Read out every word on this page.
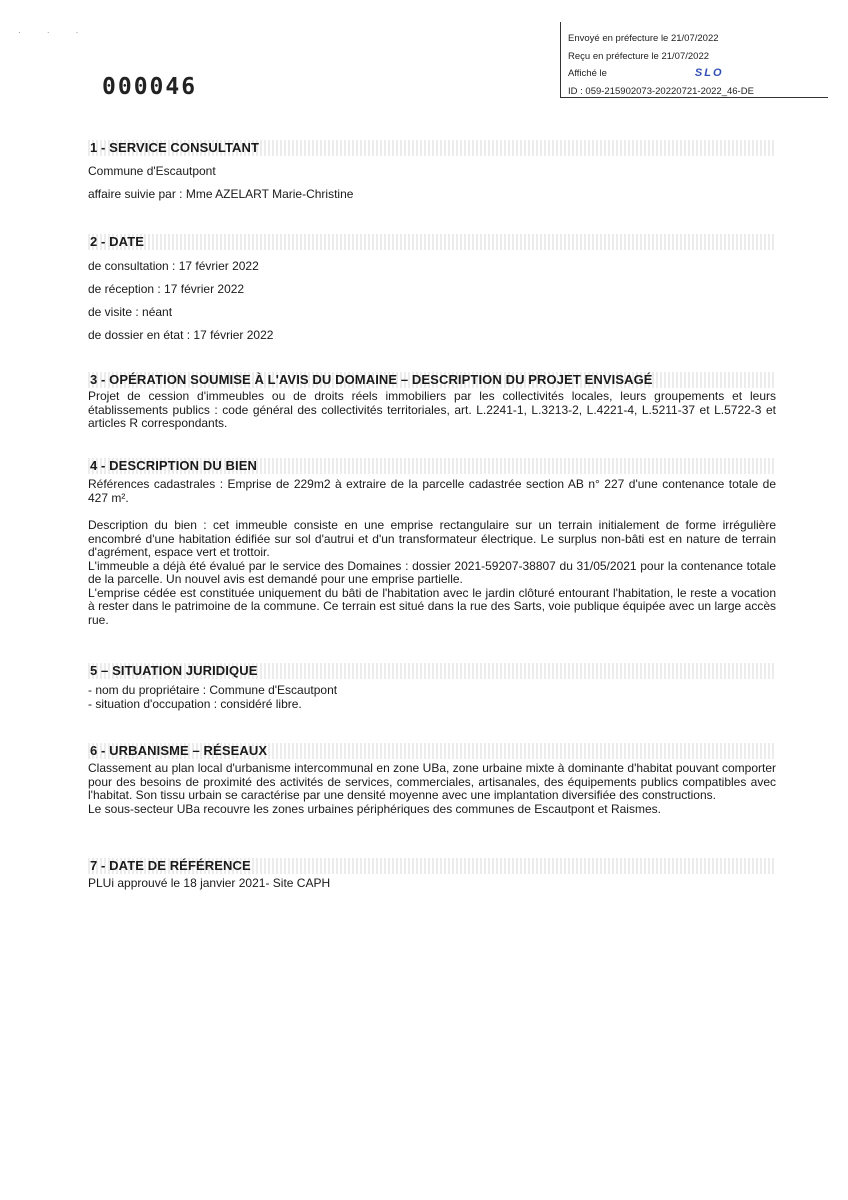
· · ·
Envoyé en préfecture le 21/07/2022
Reçu en préfecture le 21/07/2022
Affiché le	SLO
ID : 059-215902073-20220721-2022_46-DE
000046
1 - SERVICE CONSULTANT
Commune d'Escautpont
affaire suivie par : Mme AZELART Marie-Christine
2 - DATE
de consultation : 17 février 2022
de réception : 17 février 2022
de visite : néant
de dossier en état : 17 février 2022
3 - OPÉRATION SOUMISE À L'AVIS DU DOMAINE – DESCRIPTION DU PROJET ENVISAGÉ
Projet de cession d'immeubles ou de droits réels immobiliers par les collectivités locales, leurs groupements et leurs établissements publics : code général des collectivités territoriales, art. L.2241-1, L.3213-2, L.4221-4, L.5211-37 et L.5722-3 et articles R correspondants.
4 - DESCRIPTION DU BIEN
Références cadastrales : Emprise de 229m2 à extraire de la parcelle cadastrée section AB n° 227 d'une contenance totale de 427 m².
Description du bien : cet immeuble consiste en une emprise rectangulaire sur un terrain initialement de forme irrégulière encombré d'une habitation édifiée sur sol d'autrui et d'un transformateur électrique. Le surplus non-bâti est en nature de terrain d'agrément, espace vert et trottoir.
L'immeuble a déjà été évalué par le service des Domaines : dossier 2021-59207-38807 du 31/05/2021 pour la contenance totale de la parcelle. Un nouvel avis est demandé pour une emprise partielle.
L'emprise cédée est constituée uniquement du bâti de l'habitation avec le jardin clôturé entourant l'habitation, le reste a vocation à rester dans le patrimoine de la commune. Ce terrain est situé dans la rue des Sarts, voie publique équipée avec un large accès rue.
5 – SITUATION JURIDIQUE
- nom du propriétaire : Commune d'Escautpont
- situation d'occupation : considéré libre.
6 - URBANISME – RÉSEAUX
Classement au plan local d'urbanisme intercommunal en zone UBa, zone urbaine mixte à dominante d'habitat pouvant comporter pour des besoins de proximité des activités de services, commerciales, artisanales, des équipements publics compatibles avec l'habitat. Son tissu urbain se caractérise par une densité moyenne avec une implantation diversifiée des constructions.
Le sous-secteur UBa recouvre les zones urbaines périphériques des communes de Escautpont et Raismes.
7 - DATE DE RÉFÉRENCE
PLUi approuvé le 18 janvier 2021- Site CAPH
